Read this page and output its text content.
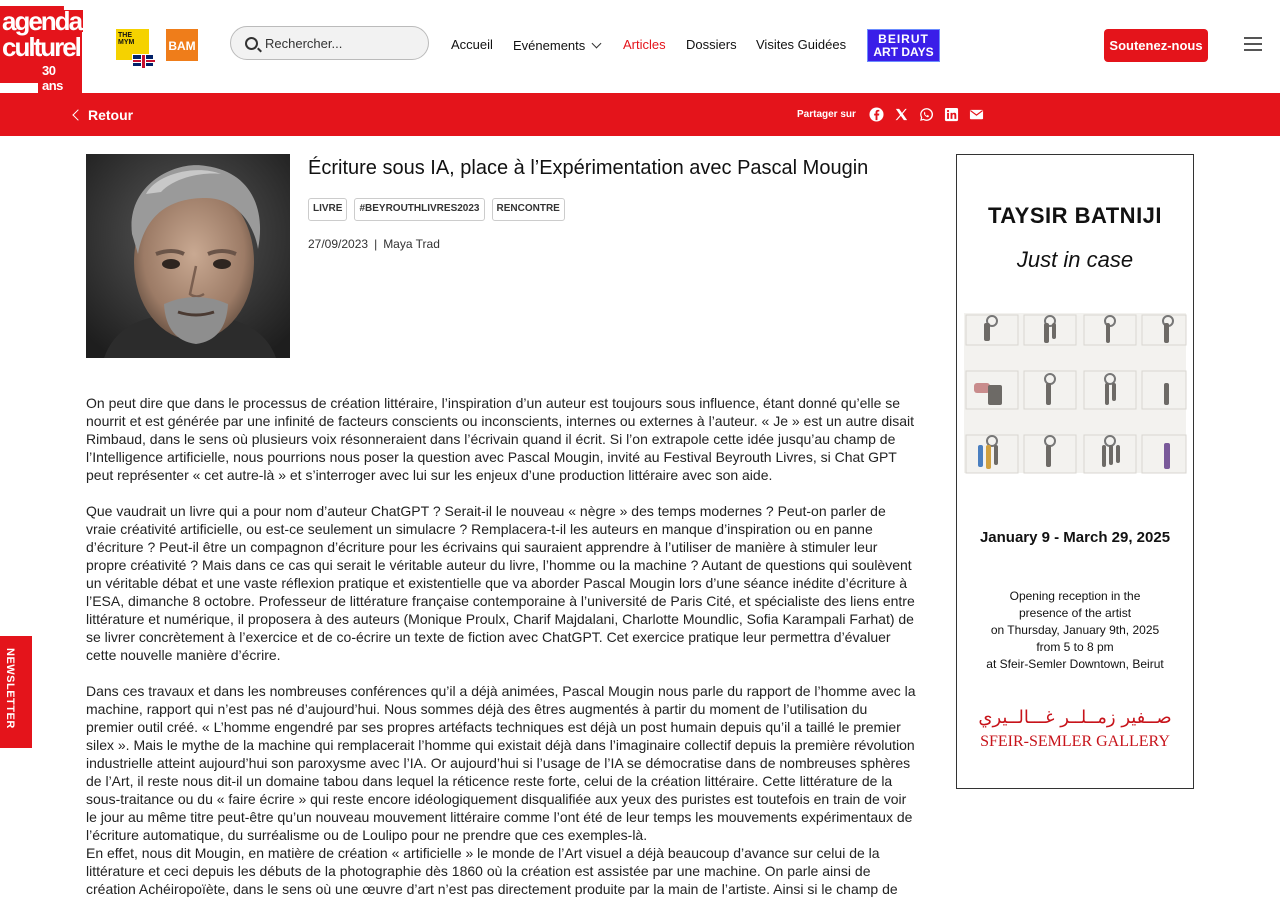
agenda
culturel
30 ans
THE MYM	BAM
Rechercher...	Accueil Evénements	Articles Dossiers Visites Guidées	BEIRUT
ART DAYS	Soutenez-nous
Retour	Partager sur
Écriture sous IA, place à l’Expérimentation avec Pascal Mougin
LIVRE	#BEYROUTHLIVRES2023	RENCONTRE
27/09/2023 | Maya Trad

On peut dire que dans le processus de création littéraire, l’inspiration d’un auteur est toujours sous influence, étant donné qu’elle se nourrit et est générée par une infinité de facteurs conscients ou inconscients, internes ou externes à l’auteur. « Je » est un autre disait Rimbaud, dans le sens où plusieurs voix résonneraient dans l’écrivain quand il écrit. Si l’on extrapole cette idée jusqu’au champ de l’Intelligence artificielle, nous pourrions nous poser la question avec Pascal Mougin, invité au Festival Beyrouth Livres, si Chat GPT peut représenter « cet autre-là » et s’interroger avec lui sur les enjeux d’une production littéraire avec son aide.

Que vaudrait un livre qui a pour nom d’auteur ChatGPT ? Serait-il le nouveau « nègre » des temps modernes ? Peut-on parler de vraie créativité artificielle, ou est-ce seulement un simulacre ? Remplacera-t-il les auteurs en manque d’inspiration ou en panne d’écriture ? Peut-il être un compagnon d’écriture pour les écrivains qui sauraient apprendre à l’utiliser de manière à stimuler leur propre créativité ? Mais dans ce cas qui serait le véritable auteur du livre, l’homme ou la machine ? Autant de questions qui soulèvent un véritable débat et une vaste réflexion pratique et existentielle que va aborder Pascal Mougin lors d’une séance inédite d’écriture à l’ESA, dimanche 8 octobre. Professeur de littérature française contemporaine à l’université de Paris Cité, et spécialiste des liens entre littérature et numérique, il proposera à des auteurs (Monique Proulx, Charif Majdalani, Charlotte Moundlic, Sofia Karampali Farhat) de se livrer concrètement à l’exercice et de co-écrire un texte de fiction avec ChatGPT. Cet exercice pratique leur permettra d’évaluer cette nouvelle manière d’écrire.

Dans ces travaux et dans les nombreuses conférences qu’il a déjà animées, Pascal Mougin nous parle du rapport de l’homme avec la machine, rapport qui n’est pas né d’aujourd’hui. Nous sommes déjà des êtres augmentés à partir du moment de l’utilisation du premier outil créé. « L’homme engendré par ses propres artéfacts techniques est déjà un post humain depuis qu’il a taillé le premier silex ». Mais le mythe de la machine qui remplacerait l’homme qui existait déjà dans l’imaginaire collectif depuis la première révolution industrielle atteint aujourd’hui son paroxysme avec l’IA. Or aujourd’hui si l’usage de l’IA se démocratise dans de nombreuses sphères de l’Art, il reste nous dit-il un domaine tabou dans lequel la réticence reste forte, celui de la création littéraire. Cette littérature de la sous-traitance ou du « faire écrire » qui reste encore idéologiquement disqualifiée aux yeux des puristes est toutefois en train de voir le jour au même titre peut-être qu’un nouveau mouvement littéraire comme l’ont été de leur temps les mouvements expérimentaux de l’écriture automatique, du surréalisme ou de Loulipo pour ne prendre que ces exemples-là.

En effet, nous dit Mougin, en matière de création « artificielle » le monde de l’Art visuel a déjà beaucoup d’avance sur celui de la littérature et ceci depuis les débuts de la photographie dès 1860 où la création est assistée par une machine. On parle ainsi de création Achéiropoïète, dans le sens où une œuvre d’art n’est pas directement produite par la main de l’artiste. Ainsi si le champ de

TAYSIR BATNIJI
Just in case
January 9 - March 29, 2025
Opening reception in the
presence of the artist
on Thursday, January 9th, 2025
from 5 to 8 pm
at Sfeir-Semler Downtown, Beirut
صــفير زمــلــر غـــالــيري
SFEIR-SEMLER GALLERY
NEWSLETTER
